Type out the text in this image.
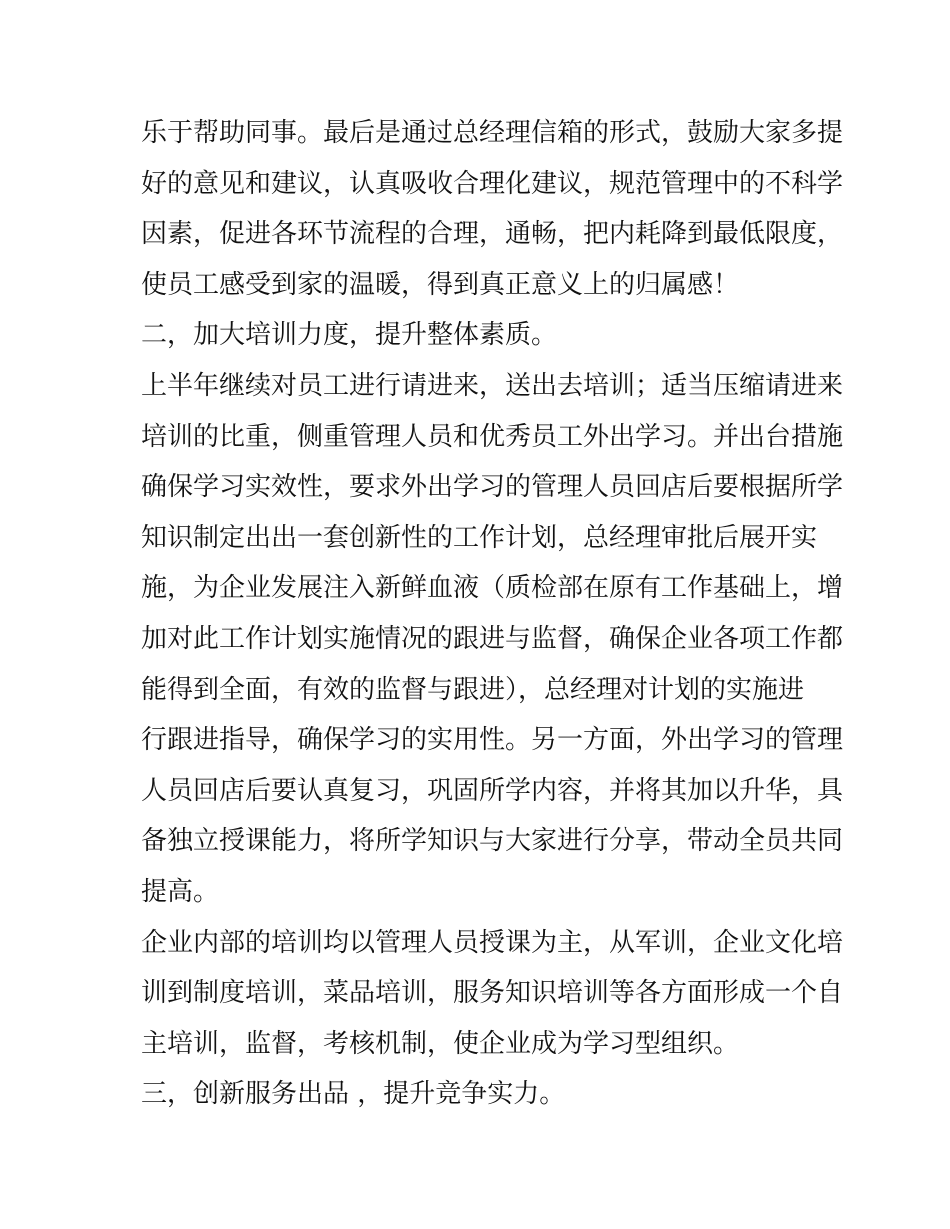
乐于帮助同事。最后是通过总经理信箱的形式，鼓励大家多提
好的意见和建议，认真吸收合理化建议，规范管理中的不科学
因素，促进各环节流程的合理，通畅，把内耗降到最低限度，
使员工感受到家的温暖，得到真正意义上的归属感！
二，加大培训力度，提升整体素质。
上半年继续对员工进行请进来，送出去培训；适当压缩请进来
培训的比重，侧重管理人员和优秀员工外出学习。并出台措施
确保学习实效性，要求外出学习的管理人员回店后要根据所学
知识制定出出一套创新性的工作计划，总经理审批后展开实
施，为企业发展注入新鲜血液（质检部在原有工作基础上，增
加对此工作计划实施情况的跟进与监督，确保企业各项工作都
能得到全面，有效的监督与跟进），总经理对计划的实施进
行跟进指导，确保学习的实用性。另一方面，外出学习的管理
人员回店后要认真复习，巩固所学内容，并将其加以升华，具
备独立授课能力，将所学知识与大家进行分享，带动全员共同
提高。
企业内部的培训均以管理人员授课为主，从军训，企业文化培
训到制度培训，菜品培训，服务知识培训等各方面形成一个自
主培训，监督，考核机制，使企业成为学习型组织。
三，创新服务出品 ，提升竞争实力。
